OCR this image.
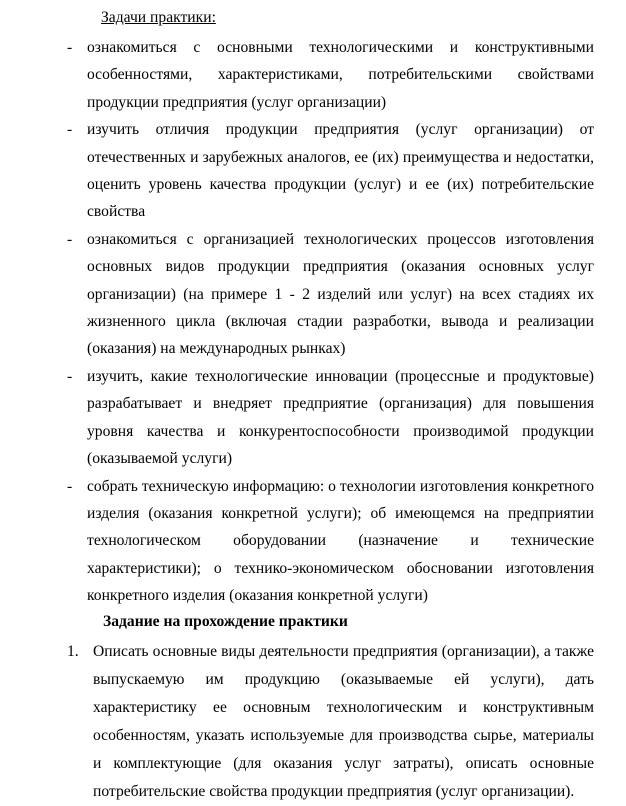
Задачи практики:
- ознакомиться с основными технологическими и конструктивными особенностями, характеристиками, потребительскими свойствами продукции предприятия (услуг организации)
- изучить отличия продукции предприятия (услуг организации) от отечественных и зарубежных аналогов, ее (их) преимущества и недостатки, оценить уровень качества продукции (услуг) и ее (их) потребительские свойства
- ознакомиться с организацией технологических процессов изготовления основных видов продукции предприятия (оказания основных услуг организации) (на примере 1 - 2 изделий или услуг) на всех стадиях их жизненного цикла (включая стадии разработки, вывода и реализации (оказания) на международных рынках)
- изучить, какие технологические инновации (процессные и продуктовые) разрабатывает и внедряет предприятие (организация) для повышения уровня качества и конкурентоспособности производимой продукции (оказываемой услуги)
- собрать техническую информацию: о технологии изготовления конкретного изделия (оказания конкретной услуги); об имеющемся на предприятии технологическом оборудовании (назначение и технические характеристики); о технико-экономическом обосновании изготовления конкретного изделия (оказания конкретной услуги)
Задание на прохождение практики
1. Описать основные виды деятельности предприятия (организации), а также выпускаемую им продукцию (оказываемые ей услуги), дать характеристику ее основным технологическим и конструктивным особенностям, указать используемые для производства сырье, материалы и комплектующие (для оказания услуг затраты), описать основные потребительские свойства продукции предприятия (услуг организации).
